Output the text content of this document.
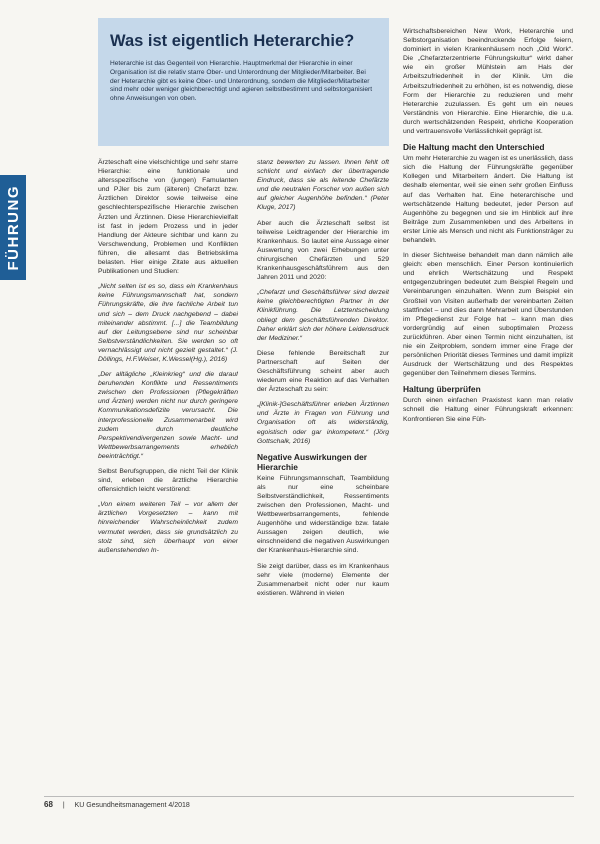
FÜHRUNG
Was ist eigentlich Heterarchie?

Heterarchie ist das Gegenteil von Hierarchie. Hauptmerkmal der Hierarchie in einer Organisation ist die relativ starre Ober- und Unterordnung der Mitglieder/Mitarbeiter. Bei der Heterarchie gibt es keine Ober- und Unterordnung, sondern die Mitglieder/Mitarbeiter sind mehr oder weniger gleichberechtigt und agieren selbstbestimmt und selbstorganisiert ohne Anweisungen von oben.

Ärzteschaft eine vielschichtige und sehr starre Hierarchie: eine funktionale und altersspezifische von (jungen) Famulanten und PJler bis zum (älteren) Chefarzt bzw. Ärztlichen Direktor sowie teilweise eine geschlechterspezifische Hierarchie zwischen Ärzten und Ärztinnen. Diese Hierarchievielfalt ist fast in jedem Prozess und in jeder Handlung der Akteure sichtbar und kann zu Verschwendung, Problemen und Konflikten führen, die allesamt das Betriebsklima belasten. Hier einige Zitate aus aktuellen Publikationen und Studien:

„Nicht selten ist es so, dass ein Krankenhaus keine Führungsmannschaft hat, sondern Führungskräfte, die ihre fachliche Arbeit tun und sich – dem Druck nachgebend – dabei miteinander abstimmt. [...] die Teambildung auf der Leitungsebene sind nur scheinbar Selbstverständlichkeiten. Sie werden so oft vernachlässigt und nicht gezielt gestaltet.“ (J. Döllings, H.F.Weiser, K.Wessel(Hg.), 2016)

„Der alltägliche „Kleinkrieg“ und die darauf beruhenden Konflikte und Ressentiments zwischen den Professionen (Pflegekräften und Ärzten) werden nicht nur durch geringere Kommunikationsdefizite verursacht. Die interprofessionelle Zusammenarbeit wird zudem durch deutliche Perspektivendivergenzen sowie Macht- und Wettbewerbsarrangements erheblich beeinträchtigt.“

Selbst Berufsgruppen, die nicht Teil der Klinik sind, erleben die ärztliche Hierarchie offensichtlich leicht verstörend:

„Von einem weiteren Teil – vor allem der ärztlichen Vorgesetzten – kann mit hinreichender Wahrscheinlichkeit zudem vermutet werden, dass sie grundsätzlich zu stolz sind, sich überhaupt von einer außenstehenden In-

stanz bewerten zu lassen. Ihnen fehlt oft schlicht und einfach der übertragende Eindruck, dass sie als leitende Chefärzte und die neutralen Forscher von außen sich auf gleicher Augenhöhe befinden.“ (Peter Kluge, 2017)

Aber auch die Ärzteschaft selbst ist teilweise Leidtragender der Hierarchie im Krankenhaus. So lautet eine Aussage einer Auswertung von zwei Erhebungen unter chirurgischen Chefärzten und 529 Krankenhausgeschäftsführern aus den Jahren 2011 und 2020:

„Chefarzt und Geschäftsführer sind derzeit keine gleichberechtigten Partner in der Klinikführung. Die Letztentscheidung obliegt dem geschäftsführenden Direktor. Daher erklärt sich der höhere Leidensdruck der Mediziner.“

Diese fehlende Bereitschaft zur Partnerschaft auf Seiten der Geschäftsführung scheint aber auch wiederum eine Reaktion auf das Verhalten der Ärzteschaft zu sein:

„[Klinik-]Geschäftsführer erleben Ärztinnen und Ärzte in Fragen von Führung und Organisation oft als widerständig, egoistisch oder gar inkompetent.“ (Jörg Gottschalk, 2016)

Negative Auswirkungen der Hierarchie

Keine Führungsmannschaft, Teambildung als nur eine scheinbare Selbstverständlichkeit, Ressentiments zwischen den Professionen, Macht- und Wettbewerbsarrangements, fehlende Augenhöhe und widerständige bzw. fatale Aussagen zeigen deutlich, wie einschneidend die negativen Auswirkungen der Krankenhaus-Hierarchie sind.

Sie zeigt darüber, dass es im Krankenhaus sehr viele (moderne) Elemente der Zusammenarbeit nicht oder nur kaum existieren. Während in vielen

Wirtschaftsbereichen New Work, Heterarchie und Selbstorganisation beeindruckende Erfolge feiern, dominiert in vielen Krankenhäusern noch „Old Work“. Die „Chefarzterzentrierte Führungskultur“ wirkt daher wie ein großer Mühlstein am Hals der Arbeitszufriedenheit in der Klinik. Um die Arbeitszufriedenheit zu erhöhen, ist es notwendig, diese Form der Hierarchie zu reduzieren und mehr Heterarchie zuzulassen. Es geht um ein neues Verständnis von Hierarchie. Eine Hierarchie, die u.a. durch wertschätzenden Respekt, ehrliche Kooperation und vertrauensvolle Verlässlichkeit geprägt ist.

Die Haltung macht den Unterschied

Um mehr Heterarchie zu wagen ist es unerlässlich, dass sich die Haltung der Führungskräfte gegenüber Kollegen und Mitarbeitern ändert. Die Haltung ist deshalb elementar, weil sie einen sehr großen Einfluss auf das Verhalten hat. Eine heterarchische und wertschätzende Haltung bedeutet, jeder Person auf Augenhöhe zu begegnen und sie im Hinblick auf ihre Beiträge zum Zusammenleben und des Arbeitens in erster Linie als Mensch und nicht als Funktionsträger zu behandeln.

In dieser Sichtweise behandelt man dann nämlich alle gleich: eben menschlich. Einer Person kontinuierlich und ehrlich Wertschätzung und Respekt entgegenzubringen bedeutet zum Beispiel Regeln und Vereinbarungen einzuhalten. Wenn zum Beispiel ein Großteil von Visiten außerhalb der vereinbarten Zeiten stattfindet – und dies dann Mehrarbeit und Überstunden im Pflegedienst zur Folge hat – kann man dies vordergründig auf einen suboptimalen Prozess zurückführen. Aber einen Termin nicht einzuhalten, ist nie ein Zeitproblem, sondern immer eine Frage der persönlichen Priorität dieses Termines und damit implizit Ausdruck der Wertschätzung und des Respektes gegenüber den Teilnehmern dieses Termins.

Haltung überprüfen

Durch einen einfachen Praxistest kann man relativ schnell die Haltung einer Führungskraft erkennen: Konfrontieren Sie eine Füh-

68 | KU Gesundheitsmanagement 4/2018
